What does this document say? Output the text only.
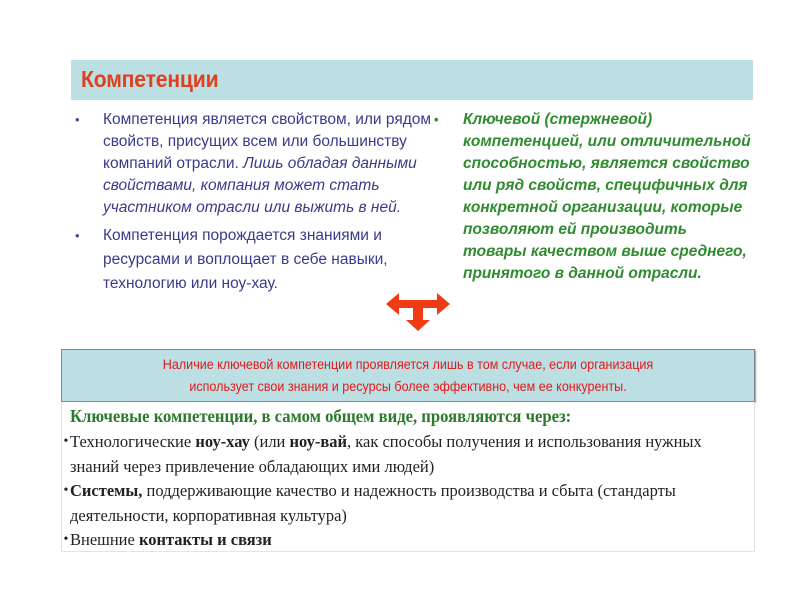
Компетенции
•	Компетенция является свойством, или рядом свойств, присущих всем или большинству компаний отрасли. Лишь обладая данными свойствами, компания может стать участником отрасли или выжить в ней.
•	Компетенция порождается знаниями и ресурсами и воплощает в себе навыки, технологию или ноу-хау.
•	Ключевой (стержневой) компетенцией, или отличительной способностью, является свойство или ряд свойств, специфичных для конкретной организации, которые позволяют ей производить товары качеством выше среднего, принятого в данной отрасли.
Наличие ключевой компетенции проявляется лишь в том случае, если организация
использует свои знания и ресурсы более эффективно, чем ее конкуренты.
Ключевые компетенции, в самом общем виде, проявляются через:
• Технологические ноу-хау (или ноу-вай, как способы получения и использования нужных знаний через привлечение обладающих ими людей)
• Системы, поддерживающие качество и надежность производства и сбыта (стандарты деятельности, корпоративная культура)
• Внешние контакты и связи
